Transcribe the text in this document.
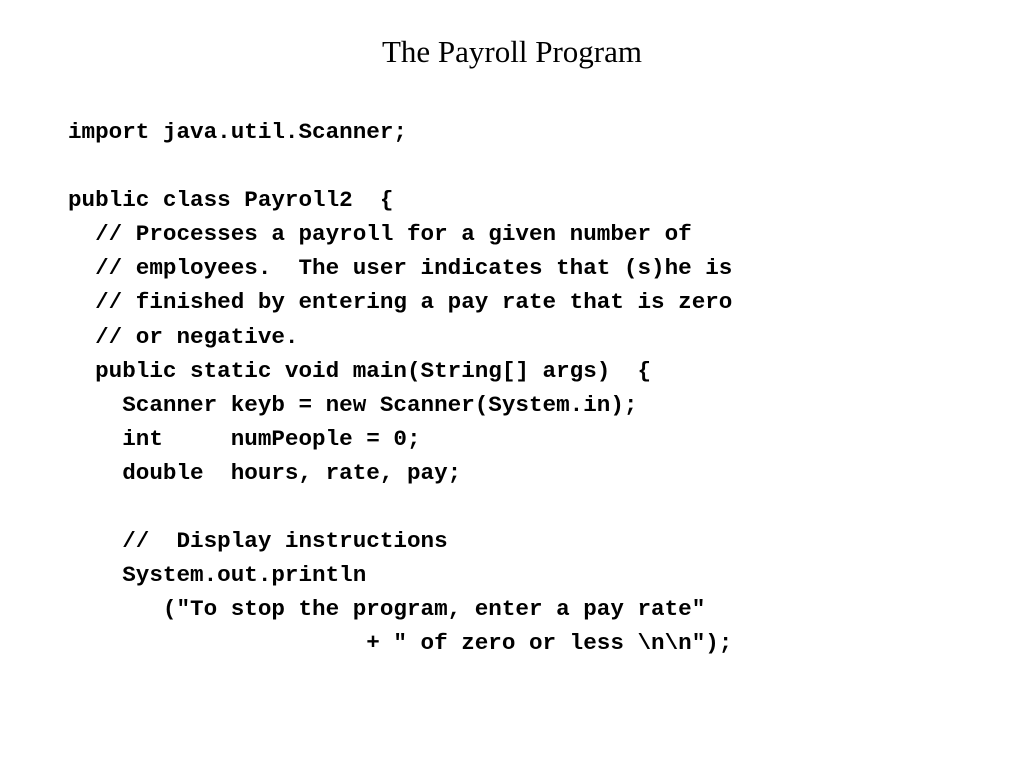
The Payroll Program
import java.util.Scanner;
public class Payroll2  {
// Processes a payroll for a given number of
// employees.  The user indicates that (s)he is
// finished by entering a pay rate that is zero
// or negative.
public static void main(String[] args)  {
Scanner keyb = new Scanner(System.in);
int     numPeople = 0;
double  hours, rate, pay;
//  Display instructions
System.out.println
("To stop the program, enter a pay rate"
+ " of zero or less \n\n");
